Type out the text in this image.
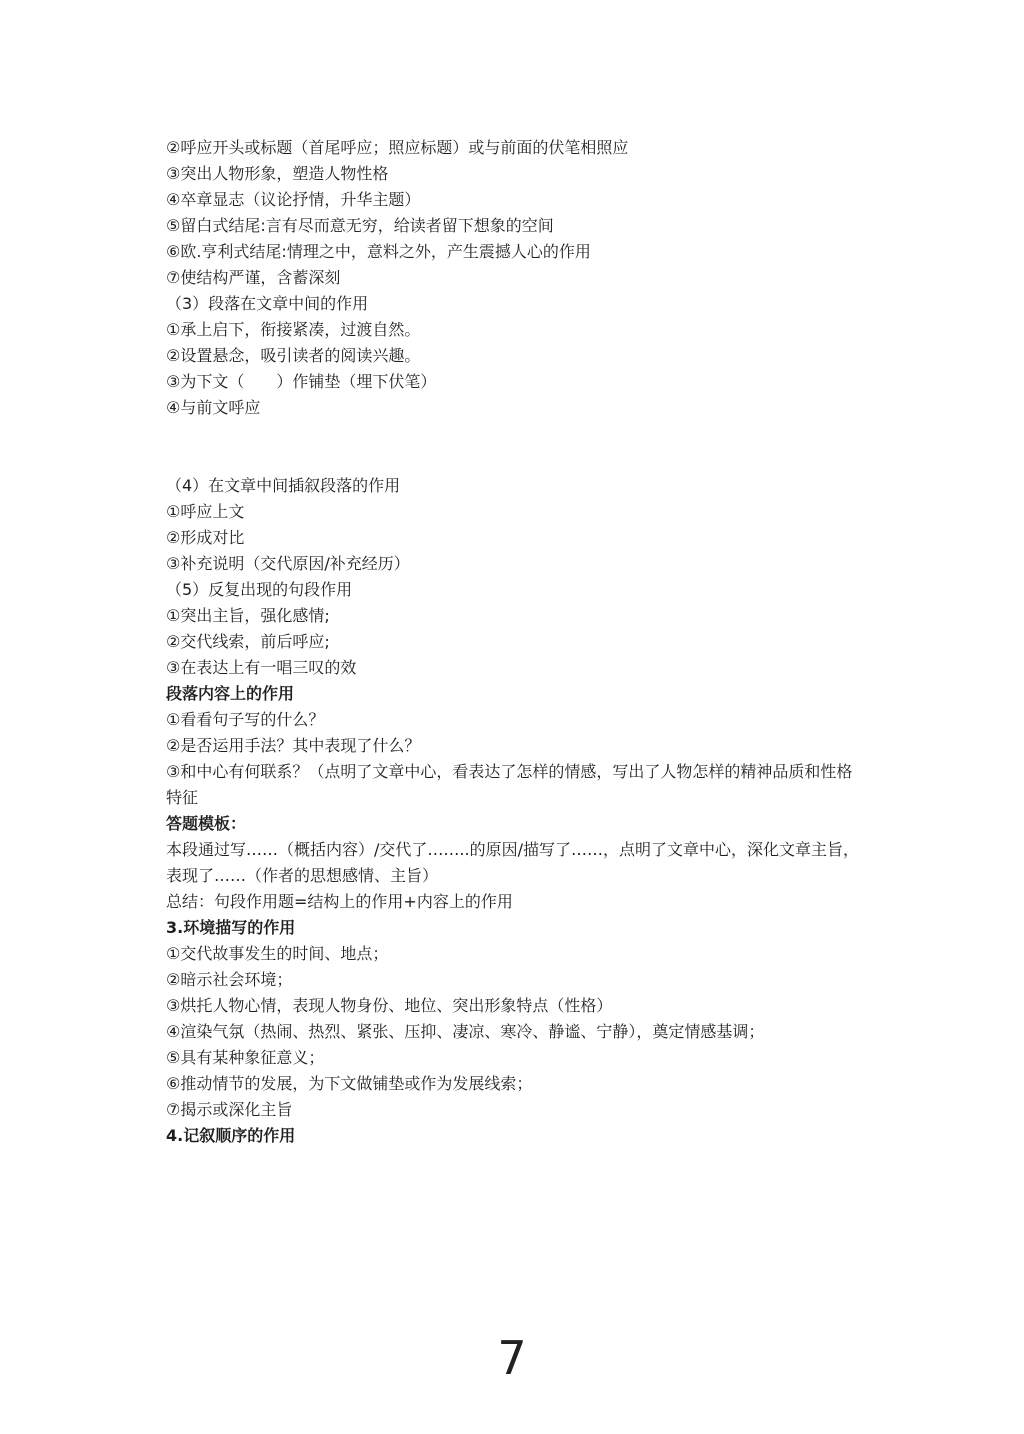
②呼应开头或标题（首尾呼应；照应标题）或与前面的伏笔相照应
③突出人物形象，塑造人物性格
④卒章显志（议论抒情，升华主题）
⑤留白式结尾:言有尽而意无穷，给读者留下想象的空间
⑥欧.亨利式结尾:情理之中，意料之外，产生震撼人心的作用
⑦使结构严谨，含蓄深刻
（3）段落在文章中间的作用
①承上启下，衔接紧凑，过渡自然。
②设置悬念，吸引读者的阅读兴趣。
③为下文（　　）作铺垫（埋下伏笔）
④与前文呼应
（4）在文章中间插叙段落的作用
①呼应上文
②形成对比
③补充说明（交代原因/补充经历）
（5）反复出现的句段作用
①突出主旨，强化感情;
②交代线索，前后呼应;
③在表达上有一唱三叹的效
段落内容上的作用
①看看句子写的什么？
②是否运用手法？其中表现了什么？
③和中心有何联系？（点明了文章中心，看表达了怎样的情感，写出了人物怎样的精神品质和性格特征
答题模板：
本段通过写……（概括内容）/交代了……..的原因/描写了……，点明了文章中心，深化文章主旨，表现了……（作者的思想感情、主旨）
总结：句段作用题=结构上的作用+内容上的作用
3.环境描写的作用
①交代故事发生的时间、地点；
②暗示社会环境；
③烘托人物心情，表现人物身份、地位、突出形象特点（性格）
④渲染气氛（热闹、热烈、紧张、压抑、凄凉、寒冷、静谧、宁静），奠定情感基调；
⑤具有某种象征意义；
⑥推动情节的发展，为下文做铺垫或作为发展线索；
⑦揭示或深化主旨
4.记叙顺序的作用
7
